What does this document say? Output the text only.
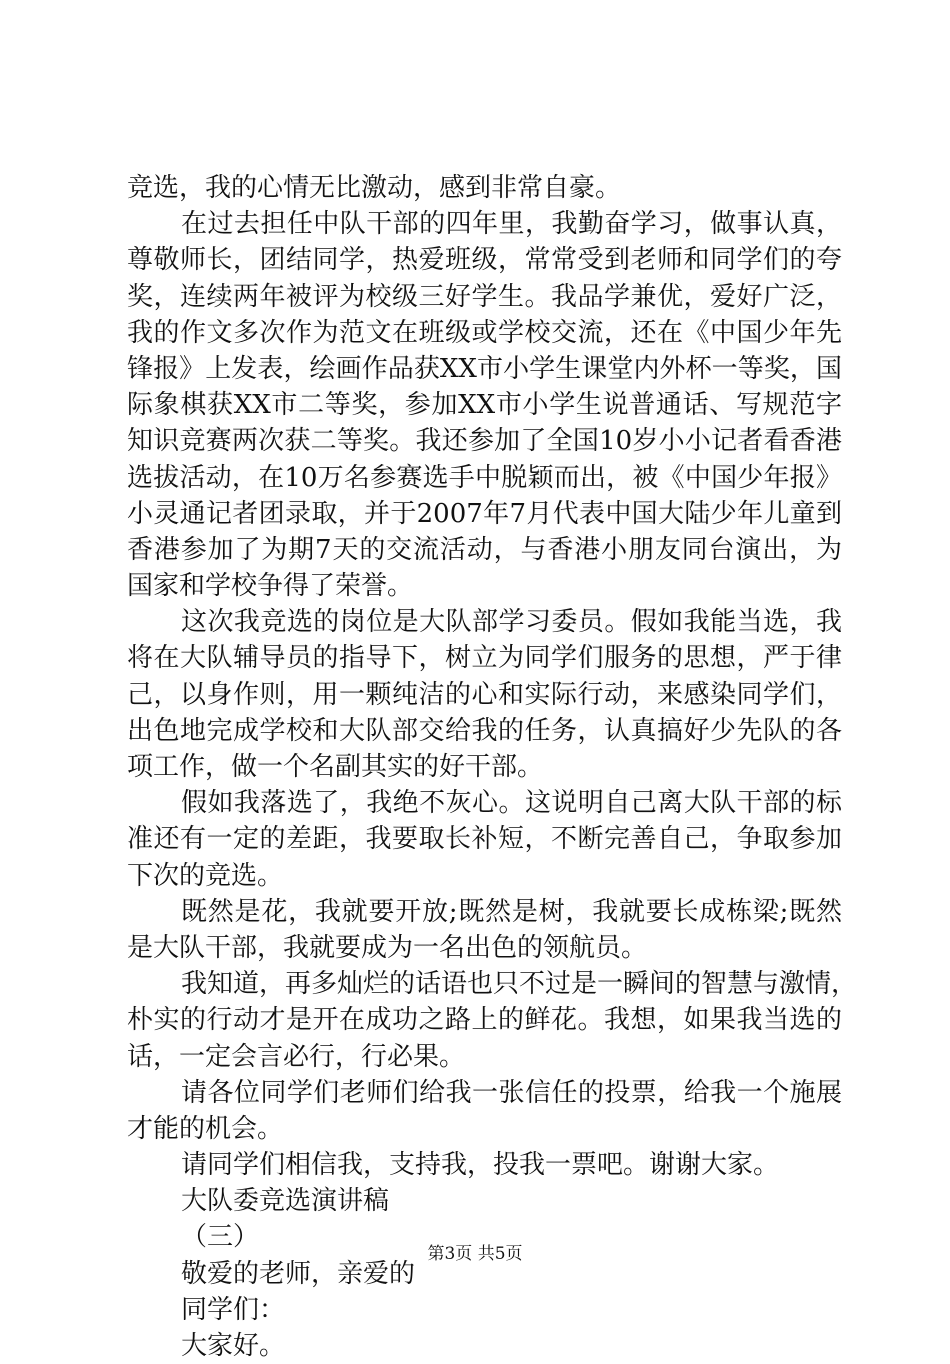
竞选，我的心情无比激动，感到非常自豪。
在过去担任中队干部的四年里，我勤奋学习，做事认真，
尊敬师长，团结同学，热爱班级，常常受到老师和同学们的夸
奖，连续两年被评为校级三好学生。我品学兼优，爱好广泛，
我的作文多次作为范文在班级或学校交流，还在《中国少年先
锋报》上发表，绘画作品获XX市小学生课堂内外杯一等奖，国
际象棋获XX市二等奖，参加XX市小学生说普通话、写规范字
知识竞赛两次获二等奖。我还参加了全国10岁小小记者看香港
选拔活动，在10万名参赛选手中脱颖而出，被《中国少年报》
小灵通记者团录取，并于2007年7月代表中国大陆少年儿童到
香港参加了为期7天的交流活动，与香港小朋友同台演出，为
国家和学校争得了荣誉。
这次我竞选的岗位是大队部学习委员。假如我能当选，我
将在大队辅导员的指导下，树立为同学们服务的思想，严于律
己，以身作则，用一颗纯洁的心和实际行动，来感染同学们，
出色地完成学校和大队部交给我的任务，认真搞好少先队的各
项工作，做一个名副其实的好干部。
假如我落选了，我绝不灰心。这说明自己离大队干部的标
准还有一定的差距，我要取长补短，不断完善自己，争取参加
下次的竞选。
既然是花，我就要开放;既然是树，我就要长成栋梁;既然
是大队干部，我就要成为一名出色的领航员。
我知道，再多灿烂的话语也只不过是一瞬间的智慧与激情，
朴实的行动才是开在成功之路上的鲜花。我想，如果我当选的
话，一定会言必行，行必果。
请各位同学们老师们给我一张信任的投票，给我一个施展
才能的机会。
请同学们相信我，支持我，投我一票吧。谢谢大家。
大队委竞选演讲稿
（三）
敬爱的老师，亲爱的
同学们：
大家好。
第3页 共5页
